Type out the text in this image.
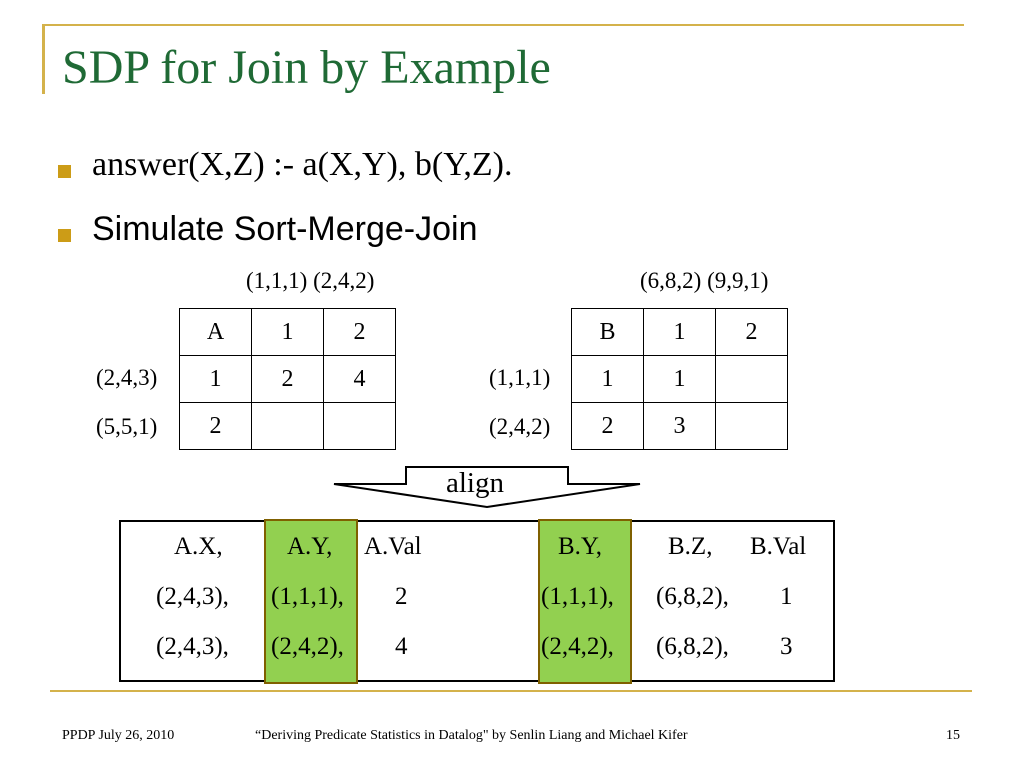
SDP for Join by Example
answer(X,Z) :- a(X,Y), b(Y,Z).
Simulate Sort-Merge-Join
(1,1,1) (2,4,2)
(2,4,3)
(5,5,1)
A	1	2
1	2	4
2		
(6,8,2) (9,9,1)
(1,1,1)
(2,4,2)
B	1	2
1	1	
2	3	
align
A.X,	A.Y, A.Val	B.Y,	B.Z, B.Val
(2,4,3), (1,1,1), 2	(1,1,1), (6,8,2), 1
(2,4,3), (2,4,2), 4	(2,4,2), (6,8,2), 3
PPDP July 26, 2010	“Deriving Predicate Statistics in Datalog" by Senlin Liang and Michael Kifer	15
